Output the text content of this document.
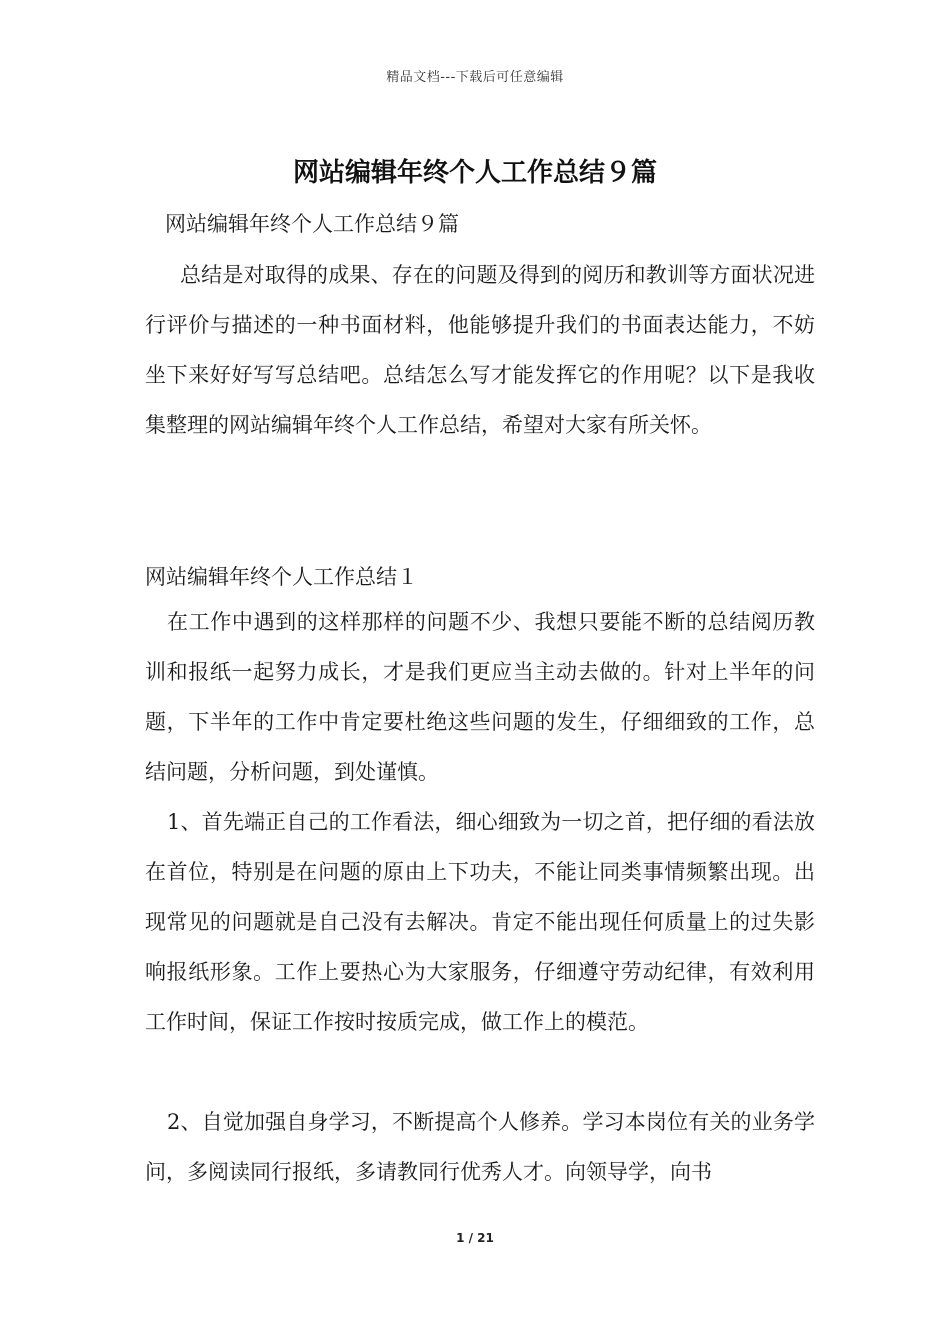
精品文档---下载后可任意编辑
网站编辑年终个人工作总结９篇
网站编辑年终个人工作总结９篇
总结是对取得的成果、存在的问题及得到的阅历和教训等方面状况进行评价与描述的一种书面材料，他能够提升我们的书面表达能力，不妨坐下来好好写写总结吧。总结怎么写才能发挥它的作用呢？以下是我收集整理的网站编辑年终个人工作总结，希望对大家有所关怀。
网站编辑年终个人工作总结１
在工作中遇到的这样那样的问题不少、我想只要能不断的总结阅历教训和报纸一起努力成长，才是我们更应当主动去做的。针对上半年的问题，下半年的工作中肯定要杜绝这些问题的发生，仔细细致的工作，总结问题，分析问题，到处谨慎。
1、首先端正自己的工作看法，细心细致为一切之首，把仔细的看法放在首位，特别是在问题的原由上下功夫，不能让同类事情频繁出现。出现常见的问题就是自己没有去解决。肯定不能出现任何质量上的过失影响报纸形象。工作上要热心为大家服务，仔细遵守劳动纪律，有效利用工作时间，保证工作按时按质完成，做工作上的模范。
2、自觉加强自身学习，不断提高个人修养。学习本岗位有关的业务学问，多阅读同行报纸，多请教同行优秀人才。向领导学，向书
1 / 21
